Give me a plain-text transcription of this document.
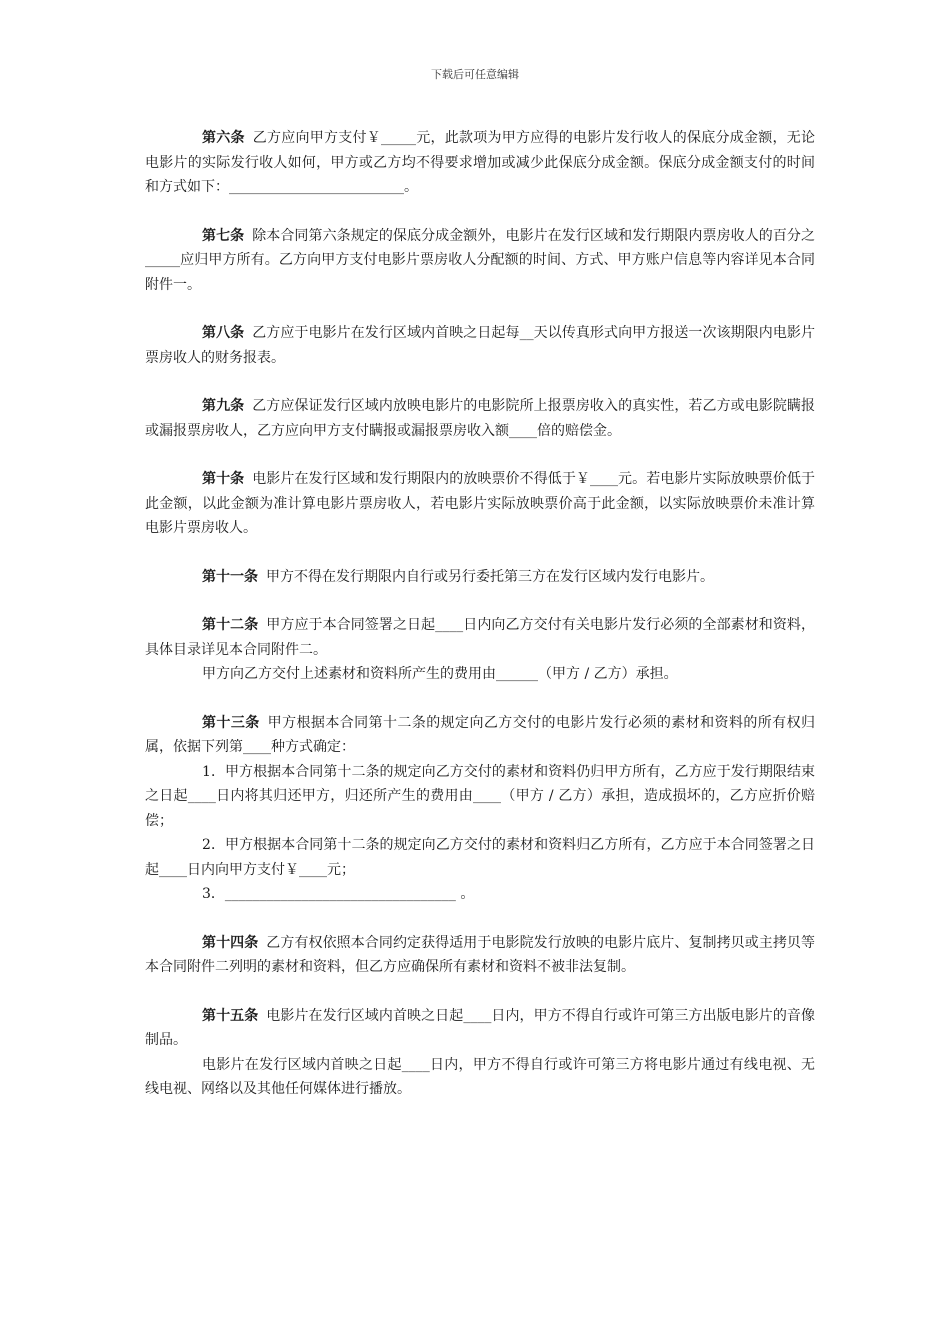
下载后可任意编辑

第六条 乙方应向甲方支付￥_____元，此款项为甲方应得的电影片发行收人的保底分成金额，无论电影片的实际发行收人如何，甲方或乙方均不得要求增加或减少此保底分成金额。保底分成金额支付的时间和方式如下：_________________________。

第七条 除本合同第六条规定的保底分成金额外，电影片在发行区域和发行期限内票房收人的百分之_____应归甲方所有。乙方向甲方支付电影片票房收人分配额的时间、方式、甲方账户信息等内容详见本合同附件一。

第八条 乙方应于电影片在发行区域内首映之日起每__天以传真形式向甲方报送一次该期限内电影片票房收人的财务报表。

第九条 乙方应保证发行区域内放映电影片的电影院所上报票房收入的真实性，若乙方或电影院瞒报或漏报票房收人，乙方应向甲方支付瞒报或漏报票房收入额____倍的赔偿金。

第十条 电影片在发行区域和发行期限内的放映票价不得低于￥____元。若电影片实际放映票价低于此金额，以此金额为准计算电影片票房收人，若电影片实际放映票价高于此金额，以实际放映票价未准计算电影片票房收人。

第十一条 甲方不得在发行期限内自行或另行委托第三方在发行区域内发行电影片。

第十二条 甲方应于本合同签署之日起____日内向乙方交付有关电影片发行必须的全部素材和资料，具体目录详见本合同附件二。

甲方向乙方交付上述素材和资料所产生的费用由______（甲方 / 乙方）承担。

第十三条 甲方根据本合同第十二条的规定向乙方交付的电影片发行必须的素材和资料的所有权归属，依据下列第____种方式确定：

1．甲方根据本合同第十二条的规定向乙方交付的素材和资料仍归甲方所有，乙方应于发行期限结束之日起____日内将其归还甲方，归还所产生的费用由____（甲方 / 乙方）承担，造成损坏的，乙方应折价赔偿；

2．甲方根据本合同第十二条的规定向乙方交付的素材和资料归乙方所有，乙方应于本合同签署之日起____日内向甲方支付￥____元；

3．_________________________________ 。

第十四条 乙方有权依照本合同约定获得适用于电影院发行放映的电影片底片、复制拷贝或主拷贝等本合同附件二列明的素材和资料，但乙方应确保所有素材和资料不被非法复制。

第十五条 电影片在发行区域内首映之日起____日内，甲方不得自行或许可第三方出版电影片的音像制品。

电影片在发行区域内首映之日起____日内，甲方不得自行或许可第三方将电影片通过有线电视、无线电视、网络以及其他任何媒体进行播放。
